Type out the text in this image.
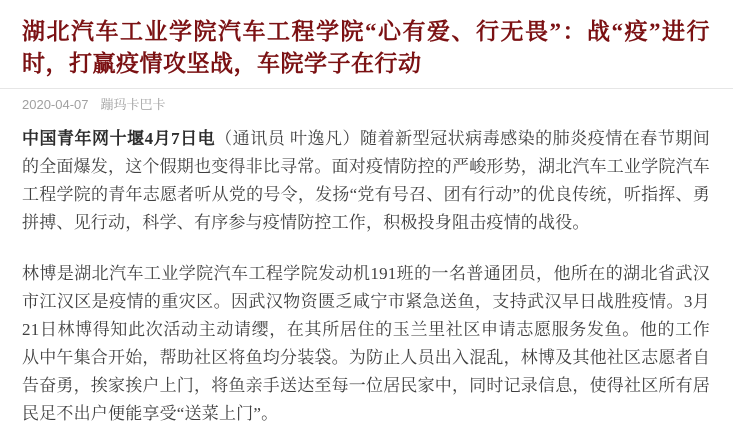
湖北汽车工业学院汽车工程学院“心有爱、行无畏”：战“疫”进行时，打赢疫情攻坚战，车院学子在行动
2020-04-07 蹦玛卡巴卡

中国青年网十堰4月7日电（通讯员 叶逸凡）随着新型冠状病毒感染的肺炎疫情在春节期间的全面爆发，这个假期也变得非比寻常。面对疫情防控的严峻形势，湖北汽车工业学院汽车工程学院的青年志愿者听从党的号令，发扬“党有号召、团有行动”的优良传统，听指挥、勇拼搏、见行动，科学、有序参与疫情防控工作，积极投身阻击疫情的战役。

林博是湖北汽车工业学院汽车工程学院发动机191班的一名普通团员，他所在的湖北省武汉市江汉区是疫情的重灾区。因武汉物资匮乏咸宁市紧急送鱼，支持武汉早日战胜疫情。3月21日林博得知此次活动主动请缨，在其所居住的玉兰里社区申请志愿服务发鱼。他的工作从中午集合开始，帮助社区将鱼均分装袋。为防止人员出入混乱，林博及其他社区志愿者自告奋勇，挨家挨户上门，将鱼亲手送达至每一位居民家中，同时记录信息，使得社区所有居民足不出户便能享受“送菜上门”。
